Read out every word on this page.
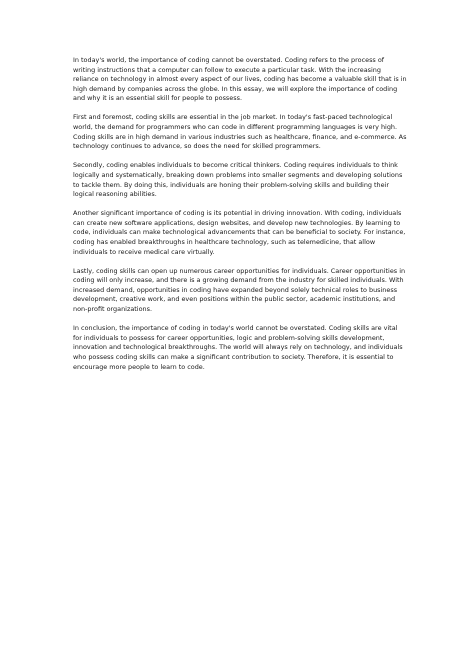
In today's world, the importance of coding cannot be overstated. Coding refers to the process of writing instructions that a computer can follow to execute a particular task. With the increasing reliance on technology in almost every aspect of our lives, coding has become a valuable skill that is in high demand by companies across the globe. In this essay, we will explore the importance of coding and why it is an essential skill for people to possess.

First and foremost, coding skills are essential in the job market. In today's fast-paced technological world, the demand for programmers who can code in different programming languages is very high. Coding skills are in high demand in various industries such as healthcare, finance, and e-commerce. As technology continues to advance, so does the need for skilled programmers.

Secondly, coding enables individuals to become critical thinkers. Coding requires individuals to think logically and systematically, breaking down problems into smaller segments and developing solutions to tackle them. By doing this, individuals are honing their problem-solving skills and building their logical reasoning abilities.

Another significant importance of coding is its potential in driving innovation. With coding, individuals can create new software applications, design websites, and develop new technologies. By learning to code, individuals can make technological advancements that can be beneficial to society. For instance, coding has enabled breakthroughs in healthcare technology, such as telemedicine, that allow individuals to receive medical care virtually.

Lastly, coding skills can open up numerous career opportunities for individuals. Career opportunities in coding will only increase, and there is a growing demand from the industry for skilled individuals. With increased demand, opportunities in coding have expanded beyond solely technical roles to business development, creative work, and even positions within the public sector, academic institutions, and non-profit organizations.

In conclusion, the importance of coding in today's world cannot be overstated. Coding skills are vital for individuals to possess for career opportunities, logic and problem-solving skills development, innovation and technological breakthroughs. The world will always rely on technology, and individuals who possess coding skills can make a significant contribution to society. Therefore, it is essential to encourage more people to learn to code.
